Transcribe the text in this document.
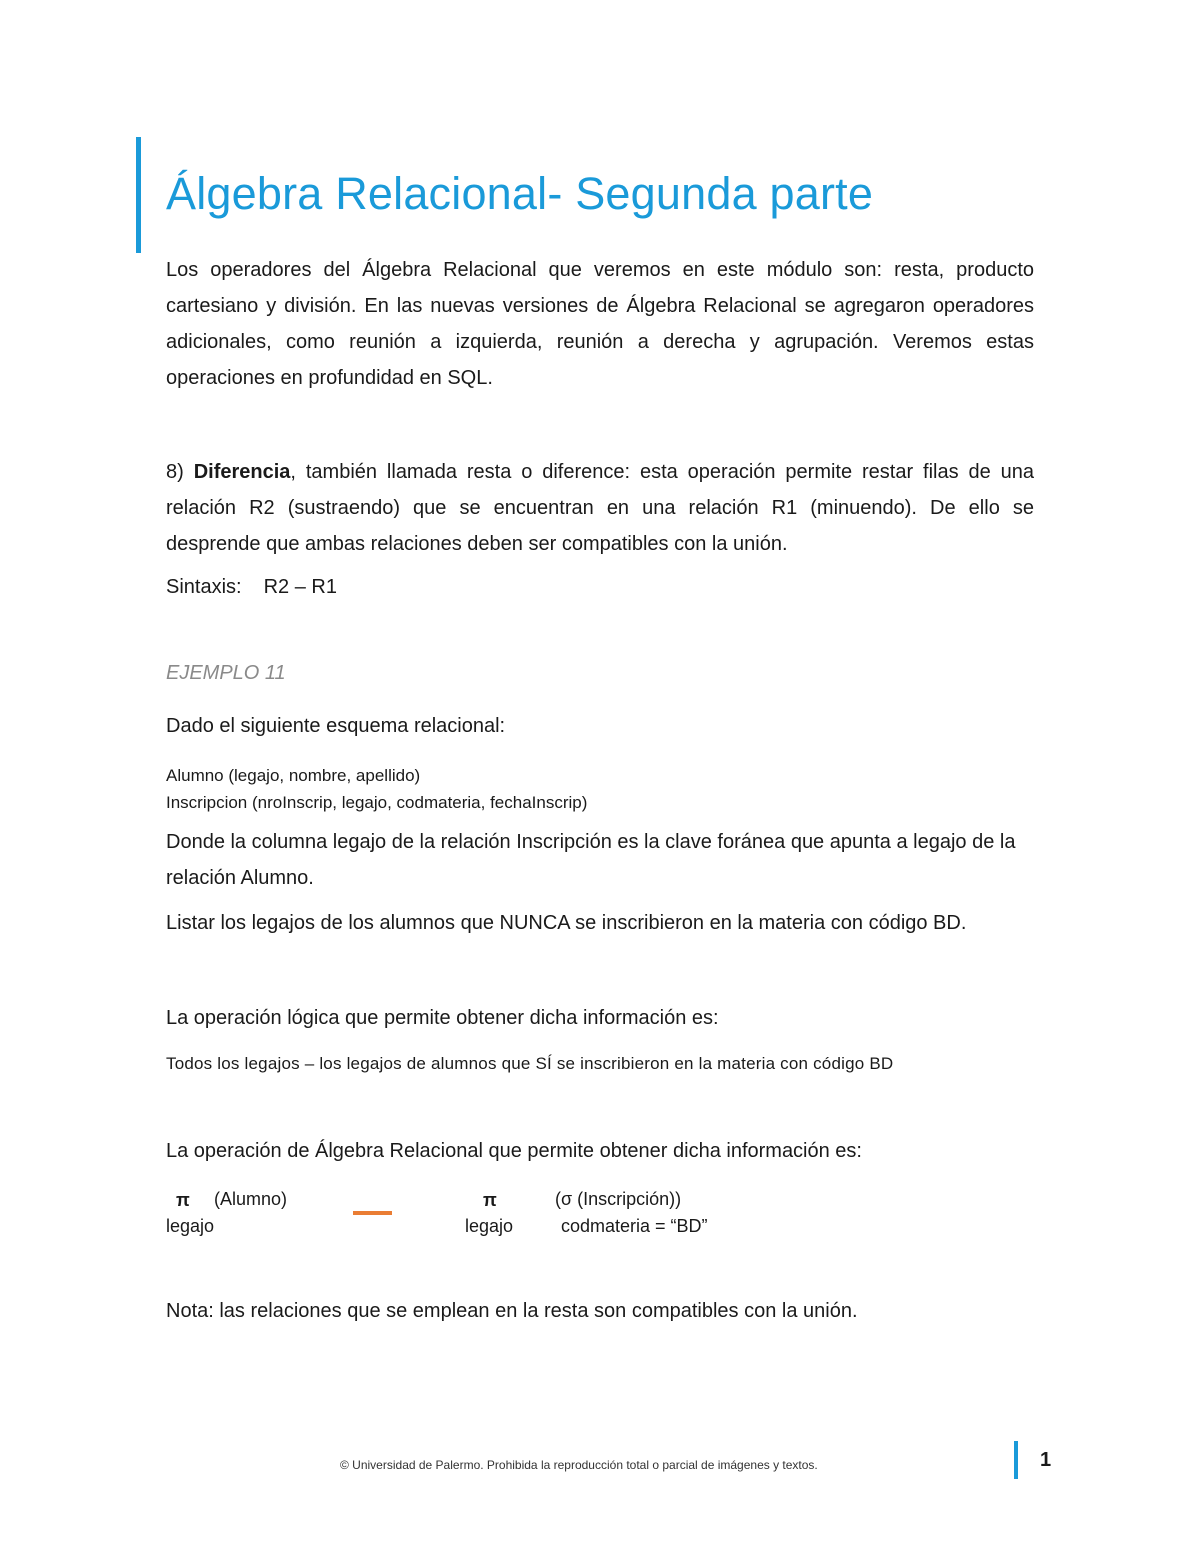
Álgebra Relacional- Segunda parte

Los operadores del Álgebra Relacional que veremos en este módulo son: resta, producto cartesiano y división. En las nuevas versiones de Álgebra Relacional se agregaron operadores adicionales, como reunión a izquierda, reunión a derecha y agrupación. Veremos estas operaciones en profundidad en SQL.

8) Diferencia, también llamada resta o diference: esta operación permite restar filas de una relación R2 (sustraendo) que se encuentran en una relación R1 (minuendo). De ello se desprende que ambas relaciones deben ser compatibles con la unión.

Sintaxis: R2 – R1
EJEMPLO 11
Dado el siguiente esquema relacional:
Alumno (legajo, nombre, apellido)
Inscripcion (nroInscrip, legajo, codmateria, fechaInscrip)

Donde la columna legajo de la relación Inscripción es la clave foránea que apunta a legajo de la relación Alumno.

Listar los legajos de los alumnos que NUNCA se inscribieron en la materia con código BD.
La operación lógica que permite obtener dicha información es:
Todos los legajos – los legajos de alumnos que SÍ se inscribieron en la materia con código BD
La operación de Álgebra Relacional que permite obtener dicha información es:
π (Alumno)
legajo
π	(σ (Inscripción))
legajo	codmateria = “BD”
Nota: las relaciones que se emplean en la resta son compatibles con la unión.
© Universidad de Palermo. Prohibida la reproducción total o parcial de imágenes y textos.	1
